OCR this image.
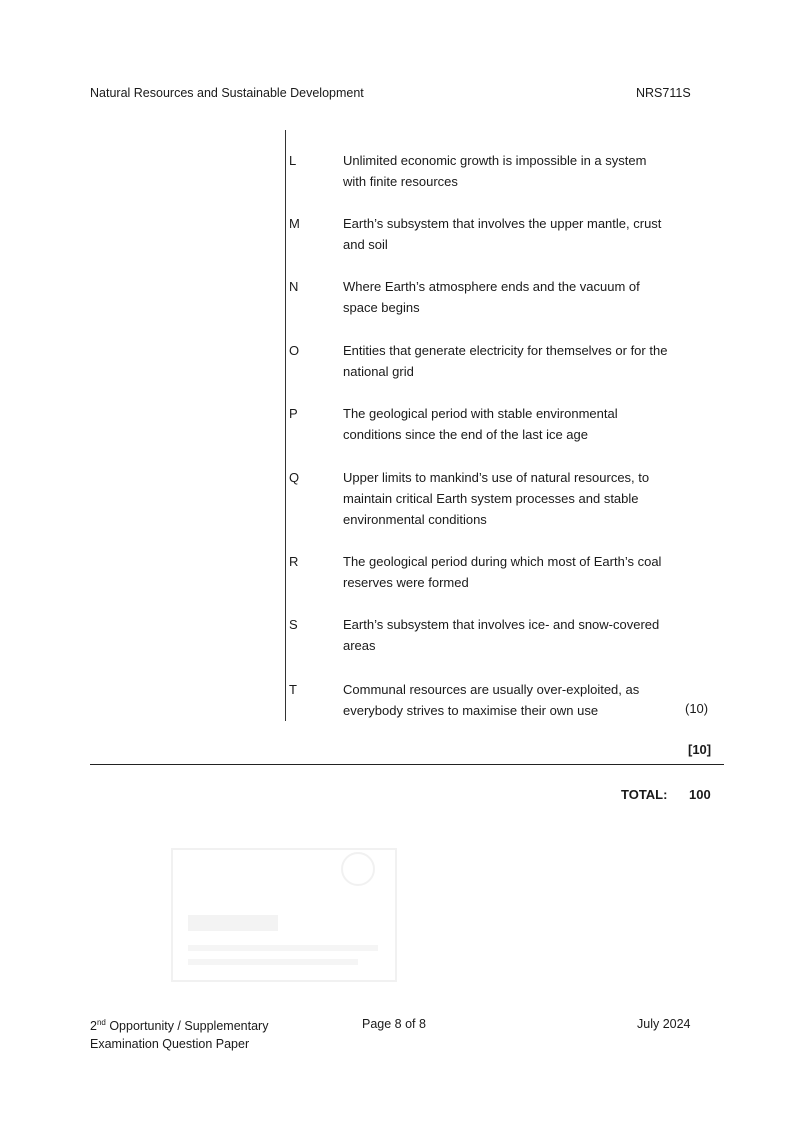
Natural Resources and Sustainable Development	NRS711S
L	Unlimited economic growth is impossible in a system with finite resources
M	Earth’s subsystem that involves the upper mantle, crust and soil
N	Where Earth’s atmosphere ends and the vacuum of space begins
O	Entities that generate electricity for themselves or for the national grid
P	The geological period with stable environmental conditions since the end of the last ice age
Q	Upper limits to mankind’s use of natural resources, to maintain critical Earth system processes and stable environmental conditions
R	The geological period during which most of Earth’s coal reserves were formed
S	Earth’s subsystem that involves ice- and snow-covered areas
T	Communal resources are usually over-exploited, as everybody strives to maximise their own use	(10)
[10]
TOTAL: 100
2nd Opportunity / Supplementary
Examination Question Paper
Page 8 of 8	July 2024
